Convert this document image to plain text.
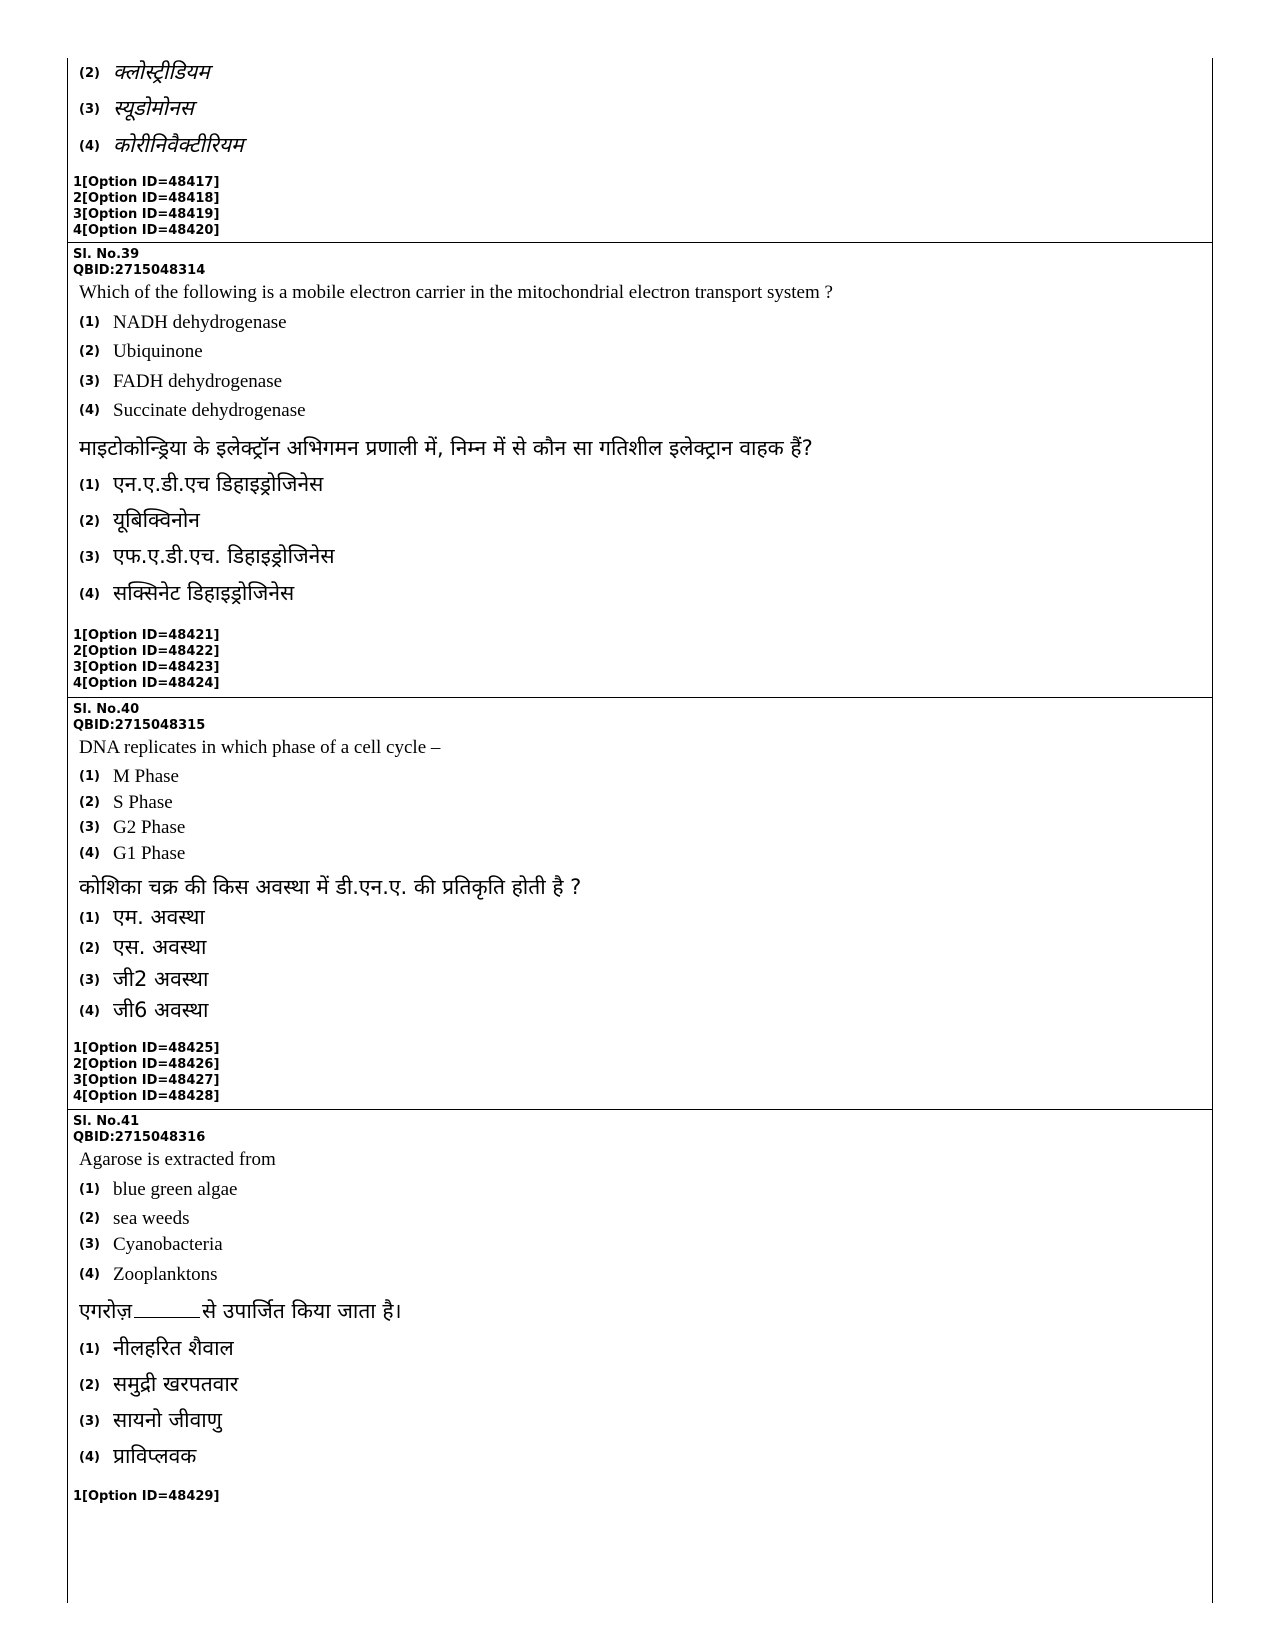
(2) क्लोस्ट्रीडियम
(3) स्यूडोमोनस
(4) कोरीनिवैक्टीरियम
1[Option ID=48417]
2[Option ID=48418]
3[Option ID=48419]
4[Option ID=48420]
Sl. No.39
QBID:2715048314
Which of the following is a mobile electron carrier in the mitochondrial electron transport system ?
(1) NADH dehydrogenase
(2) Ubiquinone
(3) FADH dehydrogenase
(4) Succinate dehydrogenase
माइटोकोन्ड्रिया के इलेक्ट्रॉन अभिगमन प्रणाली में, निम्न में से कौन सा गतिशील इलेक्ट्रान वाहक हैं?
(1) एन.ए.डी.एच डिहाइड्रोजिनेस
(2) यूबिक्विनोन
(3) एफ.ए.डी.एच. डिहाइड्रोजिनेस
(4) सक्सिनेट डिहाइड्रोजिनेस
1[Option ID=48421]
2[Option ID=48422]
3[Option ID=48423]
4[Option ID=48424]
Sl. No.40
QBID:2715048315
DNA replicates in which phase of a cell cycle –
(1) M Phase
(2) S Phase
(3) G2 Phase
(4) G1 Phase
कोशिका चक्र की किस अवस्था में डी.एन.ए. की प्रतिकृति होती है ?
(1) एम. अवस्था
(2) एस. अवस्था
(3) जी2 अवस्था
(4) जी6 अवस्था
1[Option ID=48425]
2[Option ID=48426]
3[Option ID=48427]
4[Option ID=48428]
Sl. No.41
QBID:2715048316
Agarose is extracted from
(1) blue green algae
(2) sea weeds
(3) Cyanobacteria
(4) Zooplanktons
एगरोज़	से उपार्जित किया जाता है।
(1) नीलहरित शैवाल
(2) समुद्री खरपतवार
(3) सायनो जीवाणु
(4) प्राविप्लवक
1[Option ID=48429]
